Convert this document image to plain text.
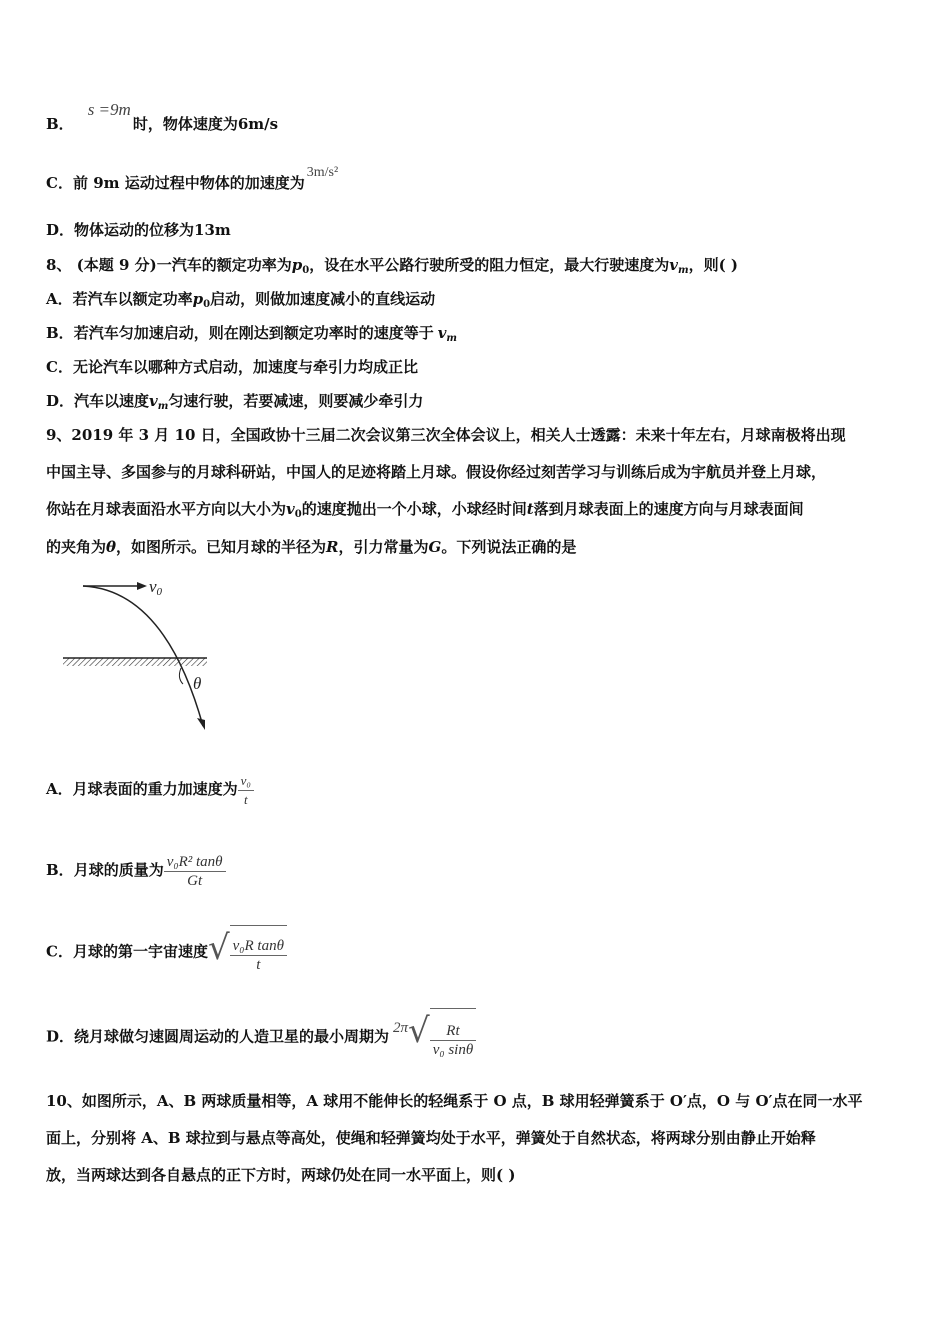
B．s =9m时，物体速度为6m/s
C．前 9m 运动过程中物体的加速度为3m/s²
D．物体运动的位移为13m
8、 (本题 9 分)一汽车的额定功率为$p_0$，设在水平公路行驶所受的阻力恒定，最大行驶速度为$v_m$，则( )
A．若汽车以额定功率$p_0$启动，则做加速度减小的直线运动
B．若汽车匀加速启动，则在刚达到额定功率时的速度等于 $v_m$
C．无论汽车以哪种方式启动，加速度与牵引力均成正比
D．汽车以速度$v_m$匀速行驶，若要减速，则要减少牵引力
9、2019 年 3 月 10 日，全国政协十三届二次会议第三次全体会议上，相关人士透露：未来十年左右，月球南极将出现
中国主导、多国参与的月球科研站，中国人的足迹将踏上月球。假设你经过刻苦学习与训练后成为宇航员并登上月球，
你站在月球表面沿水平方向以大小为$v_0$的速度抛出一个小球，小球经时间t落到月球表面上的速度方向与月球表面间
的夹角为θ，如图所示。已知月球的半径为R，引力常量为G。下列说法正确的是
v0
θ
A．月球表面的重力加速度为 $\frac{\text{v₀}}{t}$
B．月球的质量为 $\frac{\text{v₀R² tanθ}}{Gt}$
C．月球的第一宇宙速度 √ $\frac{\text{v₀R tanθ}}{t}$
D．绕月球做匀速圆周运动的人造卫星的最小周期为 2π √ $\frac{Rt}{\text{v₀ sinθ}}$
10、如图所示，A、B 两球质量相等，A 球用不能伸长的轻绳系于 O 点，B 球用轻弹簧系于 O′点，O 与 O′点在同一水平
面上，分别将 A、B 球拉到与悬点等高处，使绳和轻弹簧均处于水平，弹簧处于自然状态，将两球分别由静止开始释
放，当两球达到各自悬点的正下方时，两球仍处在同一水平面上，则( )
